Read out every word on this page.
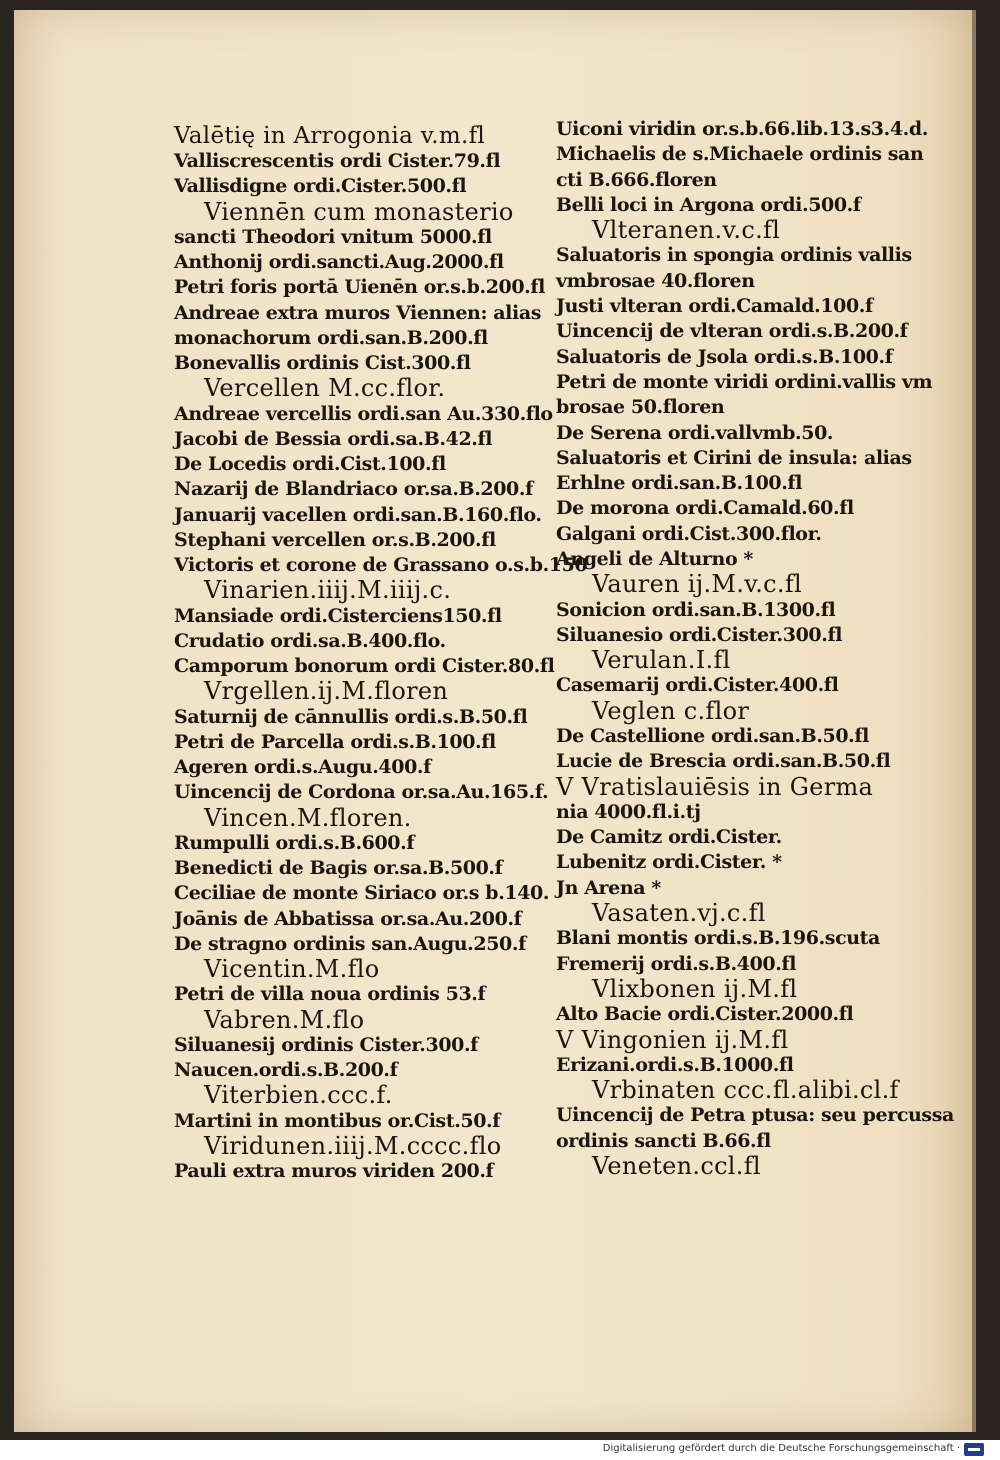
Valētię in Arrogonia v.m.fl
Valliscrescentis ordi Cister.79.fl
Vallisdigne ordi.Cister.500.fl
Viennēn cum monasterio
sancti Theodori vnitum 5000.fl
Anthonij ordi.sancti.Aug.2000.fl
Petri foris portā Uienēn or.s.b.200.fl
Andreae extra muros Viennen: alias
monachorum ordi.san.B.200.fl
Bonevallis ordinis Cist.300.fl
Vercellen M.cc.flor.
Andreae vercellis ordi.san Au.330.flo
Jacobi de Bessia ordi.sa.B.42.fl
De Locedis ordi.Cist.100.fl
Nazarij de Blandriaco or.sa.B.200.f
Januarij vacellen ordi.san.B.160.flo.
Stephani vercellen or.s.B.200.fl
Victoris et corone de Grassano o.s.b.150
Vinarien.iiij.M.iiij.c.
Mansiade ordi.Cisterciens150.fl
Crudatio ordi.sa.B.400.flo.
Camporum bonorum ordi Cister.80.fl
Vrgellen.ij.M.floren
Saturnij de cānnullis ordi.s.B.50.fl
Petri de Parcella ordi.s.B.100.fl
Ageren ordi.s.Augu.400.f
Uincencij de Cordona or.sa.Au.165.f.
Vincen.M.floren.
Rumpulli ordi.s.B.600.f
Benedicti de Bagis or.sa.B.500.f
Ceciliae de monte Siriaco or.s b.140.
Joānis de Abbatissa or.sa.Au.200.f
De stragno ordinis san.Augu.250.f
Vicentin.M.flo
Petri de villa noua ordinis 53.f
Vabren.M.flo
Siluanesij ordinis Cister.300.f
Naucen.ordi.s.B.200.f
Viterbien.ccc.f.
Martini in montibus or.Cist.50.f
Viridunen.iiij.M.cccc.flo
Pauli extra muros viriden 200.f
Uiconi viridin or.s.b.66.lib.13.s3.4.d.
Michaelis de s.Michaele ordinis san
cti B.666.floren
Belli loci in Argona ordi.500.f
Vlteranen.v.c.fl
Saluatoris in spongia ordinis vallis
vmbrosae 40.floren
Justi vlteran ordi.Camald.100.f
Uincencij de vlteran ordi.s.B.200.f
Saluatoris de Jsola ordi.s.B.100.f
Petri de monte viridi ordini.vallis vm
brosae 50.floren
De Serena ordi.vallvmb.50.
Saluatoris et Cirini de insula: alias
Erhlne ordi.san.B.100.fl
De morona ordi.Camald.60.fl
Galgani ordi.Cist.300.flor.
Angeli de Alturno *
Vauren ij.M.v.c.fl
Sonicion ordi.san.B.1300.fl
Siluanesio ordi.Cister.300.fl
Verulan.I.fl
Casemarij ordi.Cister.400.fl
Veglen c.flor
De Castellione ordi.san.B.50.fl
Lucie de Brescia ordi.san.B.50.fl
V Vratislauiēsis in Germa
nia 4000.fl.i.tj
De Camitz ordi.Cister.
Lubenitz ordi.Cister. *
Jn Arena *
Vasaten.vj.c.fl
Blani montis ordi.s.B.196.scuta
Fremerij ordi.s.B.400.fl
Vlixbonen ij.M.fl
Alto Bacie ordi.Cister.2000.fl
V Vingonien ij.M.fl
Erizani.ordi.s.B.1000.fl
Vrbinaten ccc.fl.alibi.cl.f
Uincencij de Petra ptusa: seu percussa
ordinis sancti B.66.fl
Veneten.ccl.fl
Digitalisierung gefördert durch die Deutsche Forschungsgemeinschaft ·
